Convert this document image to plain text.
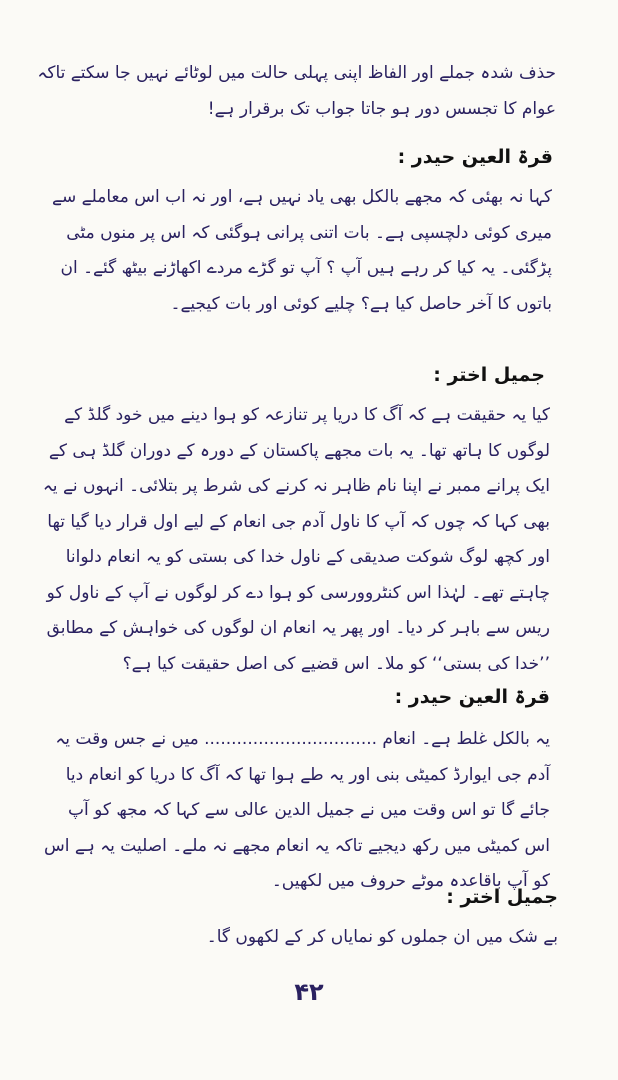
حذف شدہ جملے اور الفاظ اپنی پہلی حالت میں لوٹائے نہیں جا سکتے تاکہ عوام کا تجسس دور ہو جاتا جواب تک برقرار ہے!
قرۃ العین حیدر :
کہا نہ بھئی کہ مجھے بالکل بھی یاد نہیں ہے، اور نہ اب اس معاملے سے میری کوئی دلچسپی ہے۔ بات اتنی پرانی ہوگئی کہ اس پر منوں مٹی پڑگئی۔ یہ کیا کر رہے ہیں آپ ؟ آپ تو گڑے مردے اکھاڑنے بیٹھ گئے۔ ان باتوں کا آخر حاصل کیا ہے؟ چلیے کوئی اور بات کیجیے۔
جمیل اختر :
کیا یہ حقیقت ہے کہ آگ کا دریا پر تنازعہ کو ہوا دینے میں خود گلڈ کے لوگوں کا ہاتھ تھا۔ یہ بات مجھے پاکستان کے دورہ کے دوران گلڈ ہی کے ایک پرانے ممبر نے اپنا نام ظاہر نہ کرنے کی شرط پر بتلائی۔ انہوں نے یہ بھی کہا کہ چوں کہ آپ کا ناول آدم جی انعام کے لیے اول قرار دیا گیا تھا اور کچھ لوگ شوکت صدیقی کے ناول خدا کی بستی کو یہ انعام دلوانا چاہتے تھے۔ لہٰذا اس کنٹروورسی کو ہوا دے کر لوگوں نے آپ کے ناول کو ریس سے باہر کر دیا۔ اور پھر یہ انعام ان لوگوں کی خواہش کے مطابق ’’خدا کی بستی‘‘ کو ملا۔ اس قضیے کی اصل حقیقت کیا ہے؟
قرۃ العین حیدر :
یہ بالکل غلط ہے۔ انعام ................................ میں نے جس وقت یہ آدم جی ایوارڈ کمیٹی بنی اور یہ طے ہوا تھا کہ آگ کا دریا کو انعام دیا جائے گا تو اس وقت میں نے جمیل الدین عالی سے کہا کہ مجھ کو آپ اس کمیٹی میں رکھ دیجیے تاکہ یہ انعام مجھے نہ ملے۔ اصلیت یہ ہے اس کو آپ باقاعدہ موٹے حروف میں لکھیں۔
جمیل اختر :
بے شک میں ان جملوں کو نمایاں کر کے لکھوں گا۔
۴۲
